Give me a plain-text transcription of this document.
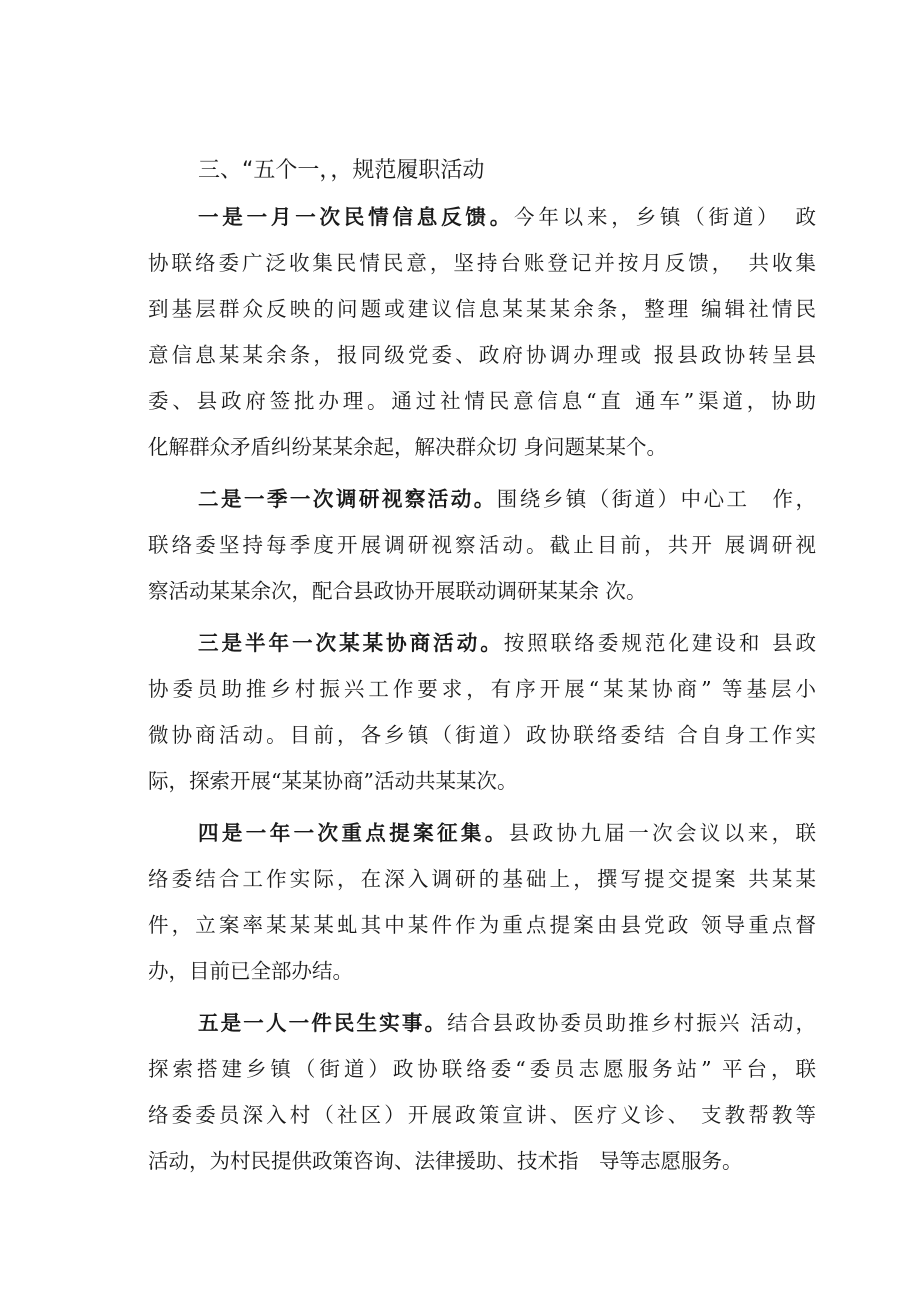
三、“五个一，，规范履职活动
一是一月一次民情信息反馈。今年以来，乡镇（街道）　政
协联络委广泛收集民情民意，坚持台账登记并按月反馈，　共收集
到基层群众反映的问题或建议信息某某某余条，整理 编辑社情民
意信息某某余条，报同级党委、政府协调办理或 报县政协转呈县
委、县政府签批办理。通过社情民意信息“直 通车”渠道，协助
化解群众矛盾纠纷某某余起，解决群众切 身问题某某个。
二是一季一次调研视察活动。围绕乡镇（街道）中心工　作，
联络委坚持每季度开展调研视察活动。截止目前，共开 展调研视
察活动某某余次，配合县政协开展联动调研某某余 次。
三是半年一次某某协商活动。按照联络委规范化建设和 县政
协委员助推乡村振兴工作要求，有序开展“某某协商” 等基层小
微协商活动。目前，各乡镇（街道）政协联络委结 合自身工作实
际，探索开展“某某协商”活动共某某次。
四是一年一次重点提案征集。县政协九届一次会议以来，联
络委结合工作实际，在深入调研的基础上，撰写提交提案 共某某
件，立案率某某某虬其中某件作为重点提案由县党政 领导重点督
办，目前已全部办结。
五是一人一件民生实事。结合县政协委员助推乡村振兴 活动，
探索搭建乡镇（街道）政协联络委“委员志愿服务站” 平台，联
络委委员深入村（社区）开展政策宣讲、医疗义诊、 支教帮教等
活动，为村民提供政策咨询、法律援助、技术指　导等志愿服务。
